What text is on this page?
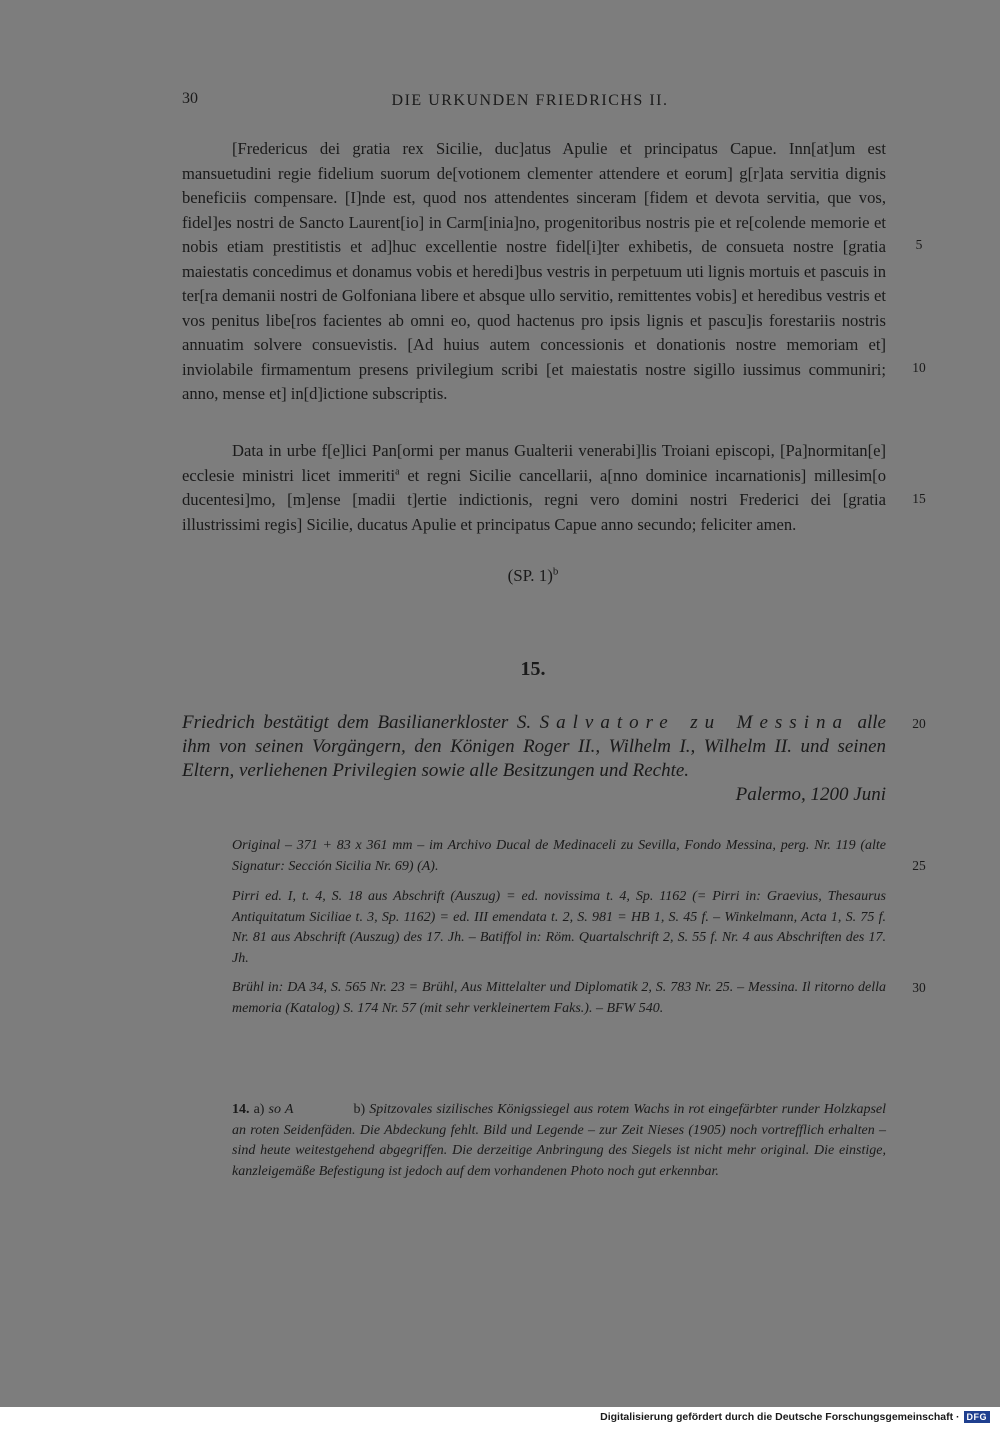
30	DIE URKUNDEN FRIEDRICHS II.
[Fredericus dei gratia rex Sicilie, duc]atus Apulie et principatus Capue. Inn[at]um est mansuetudini regie fidelium suorum de[votionem clementer attendere et eorum] g[r]ata servitia dignis beneficiis compensare. [I]nde est, quod nos attendentes sinceram [fidem et devota servitia, que vos, fidel]es nostri de Sancto Laurent[io] in Carm[inia]no, progenitoribus nostris pie et re[colende memorie et nobis etiam prestitistis et ad]huc excellentie nostre fidel[i]ter exhibetis, de consueta nostre [gratia maiestatis concedimus et donamus vobis et heredi]bus vestris in perpetuum uti lignis mortuis et pascuis in ter[ra demanii nostri de Golfoniana libere et absque ullo servitio, remittentes vobis] et heredibus vestris et vos penitus libe[ros facientes ab omni eo, quod hactenus pro ipsis lignis et pascu]is forestariis nostris annuatim solvere consuevistis. [Ad huius autem concessionis et donationis nostre memoriam et] inviolabile firmamentum presens privilegium scribi [et maiestatis nostre sigillo iussimus communiri; anno, mense et] in[d]ictione subscriptis.
Data in urbe f[e]lici Pan[ormi per manus Gualterii venerabi]lis Troiani episcopi, [Pa]normitan[e] ecclesie ministri licet immeriti$^a$ et regni Sicilie cancellarii, a[nno dominice incarnationis] millesim[o ducentesi]mo, [m]ense [madii t]ertie indictionis, regni vero domini nostri Frederici dei [gratia illustrissimi regis] Sicilie, ducatus Apulie et principatus Capue anno secundo; feliciter amen.
(SP. 1)$^b$
15.
Friedrich bestätigt dem Basilianerkloster S. Salvatore zu Messina alle ihm von seinen Vorgängern, den Königen Roger II., Wilhelm I., Wilhelm II. und seinen Eltern, verliehenen Privilegien sowie alle Besitzungen und Rechte.
Palermo, 1200 Juni
Original – 371 + 83 x 361 mm – im Archivo Ducal de Medinaceli zu Sevilla, Fondo Messina, perg. Nr. 119 (alte Signatur: Sección Sicilia Nr. 69) (A).
Pirri ed. I, t. 4, S. 18 aus Abschrift (Auszug) = ed. novissima t. 4, Sp. 1162 (= Pirri in: Graevius, Thesaurus Antiquitatum Siciliae t. 3, Sp. 1162) = ed. III emendata t. 2, S. 981 = HB 1, S. 45 f. – Winkelmann, Acta 1, S. 75 f. Nr. 81 aus Abschrift (Auszug) des 17. Jh. – Batiffol in: Röm. Quartalschrift 2, S. 55 f. Nr. 4 aus Abschriften des 17. Jh.
Brühl in: DA 34, S. 565 Nr. 23 = Brühl, Aus Mittelalter und Diplomatik 2, S. 783 Nr. 25. – Messina. Il ritorno della memoria (Katalog) S. 174 Nr. 57 (mit sehr verkleinertem Faks.). – BFW 540.
14. a) so A	b) Spitzovales sizilisches Königssiegel aus rotem Wachs in rot eingefärbter runder Holzkapsel an roten Seidenfäden. Die Abdeckung fehlt. Bild und Legende – zur Zeit Nieses (1905) noch vortrefflich erhalten – sind heute weitestgehend abgegriffen. Die derzeitige Anbringung des Siegels ist nicht mehr original. Die einstige, kanzleigemäße Befestigung ist jedoch auf dem vorhandenen Photo noch gut erkennbar.
5
10
15
20
25
30
Digitalisierung gefördert durch die Deutsche Forschungsgemeinschaft · DFG
